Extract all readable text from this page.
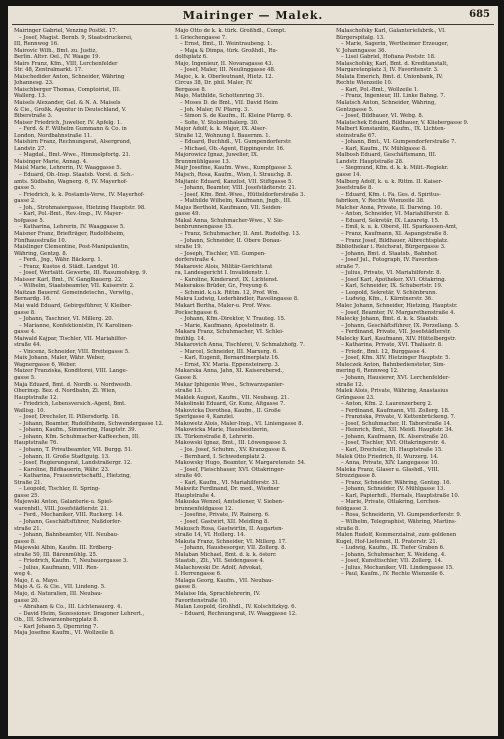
Mairinger — Malek.	685
Mairinger Gabriel, Venzing Postkt. 17.
– Josef, Magist. Bernb. 9, Staatsdruckerei,
III, Rennweg 16.
Mairovic Wilh., Bmt. zu. Justiz,
Berlin. Altvr. Oel., IV. Waage 19.
Mairs Franz, Kfm., VIII, Lerchenfelder
Str. 48, Zentralmarkt. 17.
Maischedider Anton, Schneider, Währing
Johannesg. 23.
Maischberger Thomas, Comptoirist, III.
Wallerg. 13.
Maisels Alexander, Gel. & N. A. Maisels
& Cie., Großk. Agentur in Deutschland, V.
Biberstraße 3.
Maiser Friedrich, Juwelier, IV. Apfelg. 1.
– Ferd. & F. Wilhelm Gummann & Co. in
London, Nordbahnstraße 11.
Maishirn Franz, Rechnungsrat, Alsergrund,
Landstr. 27.
– Magdal., Bmt.-Wwe., Himmelpfortg. 21.
Maisinger Marie, Annag. 4.
Maisl Marie, Lehrerin, IV. Waaggasse 5.
– Eduard, Ob.-Insp. Staatsb. Vorst. d. Sch.-
amts. Südbahn, Wagnerg. 6, IV. Mayerhof-
gasse 5.
– Friedrich, k. k. Postamts-Verw., IV. Mayerhof-
gasse 2.
– Joh., Strohmaiergasse, Hietzing Hauptstr. 98.
– Karl, Pol.-Bmt., Rev.-Insp., IV. Mayer-
hofgasse 5.
– Katharina, Lehrerin, IV. Waaggasse 5.
Maisner Franz, Briefträger, Rudolfsheim,
Fünfhausstraße 10.
Maislinger Clementine, Post-Manipulantin,
Währing, Gentzg. 8.
– Ferd., Jng., Währ. Bäckerg. 1.
– Franz, Kustos d. Städt. Landgut 10.
– Josef, Wertsätt. Gewerbe, III. Rasumofskyg. 9.
Maisser Karl, Bmt., IV. Ganglbauerg. 22.
– Wilhelm, Staatsbeamter, VII. Kaiserstr. 2.
Maitzan Bauernf. Gemeindetechn., Verwltg.,
Bernardg. 16.
Mai wald Eduard, Gebirgsführer, V. Kleiber-
gasse 8.
– Johann, Taschner, VI. Millerg. 20.
– Marianne, Konfektionistin, IV. Karolinen-
gasse 4.
Maiwald Kajpar, Tischler, VII. Mariahilfer-
straße 44.
– Vincenz, Schneider, VIII. Breitegasse 5.
Maix Johann, Maler, Währ. Weber,
Wagnergasse 6, Weber.
Maizer Franziska, Konditorei, VIII. Lange-
gasse 5.
Maja Eduard, Bmt. d. Nordb. u. Nordwestb.
Oberinsp. Bez. d. Nordbahn, Zl. Wien,
Hauptstraße 12.
– Friedrich, Lebensversich.-Agent, Bmt.
Wallisg. 10.
– Josef, Drechsler, II. Pillersdorfg. 18.
– Johann, Beamter, Rudolfsheim, Schwendergasse 12.
– Johann, Kaufm., Simmering, Hauptstr. 39.
– Johann, Kfm. Schuhmacher-Kaffeechen, III.
Hauptstraße 76.
– Johann, T. Privatbeamter, VII. Burgg. 51.
– Johann, II. Große Stadtgutg. 13.
– Josef, Regierungsrat, Landstraßergr. 12.
– Karoline, Bildhauerin, Währ. 23.
– Katharina, Frauenwirtschaftl., Hietzing,
Straße 21.
– Leopold, Tischler, II. Spring-
gasse 25.
Majewski Anton, Galanterie-u. Spiel-
warenhdl., VIII. Josefstädterstr. 21.
– Ferd., Mechaniker, VIII. Ruckerg. 14.
– Johann, Geschäftsführer, Nußdorfer-
straße 21.
– Johann, Bahnbeamter, VII. Neubau-
gasse 8.
Majewski Albin, Kaufm. III. Erdberg-
straße 50, III. Bärenmühlg. 25.
– Friedrich, Kaufm. 7, Neubauergasse 3.
– Julius, Kaufmann, VIII. Ren-
weg 4.
Majo, f. a. Mayo.
Majo A. G. & Cie., VII. Lindeng. 5.
Majo, d. Naturalien, III. Neubau-
gasse 20.
– Abraham & Co., III. Lichtenauerg. 4.
– David Heim, Sezessionsv. Dragoner Lehrert.,
Ob., III. Schwarzenbergplatz 8.
– Karl Johann 5, Opernring 7.
Maja Josefine Kaufm., VI. Wollzeile 8.
Majo Otto de k. k. türk. Großhdl., Compt.
I. Griechengasse 7.
– Ernst, Bmt., II. Weintraubeng. 1.
– Maja & Dimpa, türk. Großhdl., Ru-
dolfsplatz 6.
Majo, Ingenieur, II. Novaragasse 43.
– Josef, Maler, III. Neulinggasse 48.
Majoc, k. k. Oberleutnant, Hietz. 12.
Circus 38, Dr. phil. Maler, IV.
Bergasse 8.
Majo, Mathilde, Schottenring 31.
– Moses D. de Bmt., VII. David Heim
– Joh. Maler, IV. Pfarrg. 3.
– Simon S. de Kaufm., II. Kleine Pfarrg. 6.
– Sofie, V. Stolzenthalerg. 30.
Major Adolf, k. k. Major, IX. Alser-
Straße 12, Wohnung I. Bauernm. 1.
– Eduard, Buchhdl., VI. Gumpendorferstr.
– Michael, Ob.-Agent, Eippingerstr. 16.
Majorowicz Ignaz, Juwelier, IX.
Brunnmühlgasse 13.
Majr Josefine, Kaufm. Wwe., Kumpfgasse 3.
Majsch, Rosa, Kaufm., Wien, I. Strauchg. 8.
Majtanic Eduard, Kanzlist, VII. Stiftgasse 5.
– Johann, Beamter, VIII. Josefstädterstr. 21.
– Josef, Kfm. Bmt.-Wwe., Hütteldorferstraße 3.
– Mathilde Wilhelm, Kaufmann, Jngb., III.
Majus Berthold, Kaufmann, VII. Seiden-
gasse 49.
Makal Anna, Schuhmacher-Wwe., V. Sie-
benbrunnengasse 15.
– Franz, Schuhmacher, II. Amt. Rudolfsg. 13.
– Johann, Schneider, II. Obere Donau-
straße 19.
– Joseph, Tischler, VII. Gumpen-
dorferstraße 4.
Makarovic Alois, Militär-Gerichtsrat
ra, Landesgericht I. Invalidenstr. 1.
– Karoline, Kinderarzt, IX. Lichtenst.
Makerakos Brüder, Gr., Freyung 6.
– Schmid. k.u.k. Rittm. 12, Prof. Wm.
Makra Ludwig, Lederhändler, Ravelingasse 8.
Makart Bertha, Maler-u. Prof. Wwe.
Pockschgasse 6.
– Johann, Kfm.-Direktor, V. Trauteg. 15.
– Marie, Kaufmann, Apostelinstr. 8.
Makara Franz, Schuhmacher, VI. Schlei-
fmühlg. 14.
Makarovich Anna, Tischlerei, V. Schmalzhofg. 7.
– Marcel, Schneider, III. Marxerg. 6.
– Karl, Eugenit, Bernardinerplatz 16.
– Ernst, XV. Maria. Eppensteinerg. 3.
Makarska Anna, Jahn, XI. Kaiserebersd.,
Gasse 8.
Makar Iphigenie Wwe., Schwarzspanier-
straße 13.
Maklek August, Kaufm., VII. Neubaug. 21.
Makolinski Eduard, Gr. Kunz, Altgasse 7.
Makovicka Dorothea, Kaufm., II. Große
Sperlgasse 4, Kanzlei.
Makowetz Alois, Maler-Insp., VI. Liniengasse 8.
Makowicka Marie, Hausbesitzerin,
IX. Türkenstraße 8, Lehrerin.
Makowski Ignaz, Bmt., III. Löwengasse 3.
– Jos. Josef, Schuhm., XV. Kranzgasse 8.
– Bernhard, I. Schwedenplatz 2.
Makowsky Hugo, Beamter, V. Margaretenstr. 54.
– Josef, Fleischhauer, XVI. Ottakringer-
straße 40.
– Karl, Kaufm., VI. Mariahilferstr. 31.
Makwitz Ferdinand, Dr. med., Wiedner
Hauptstraße 4.
Makuska Wenzel, Amtsdiener, V. Sieben-
brunnenfeldgasse 12.
– Josefine, Private, IV. Rainerg. 6.
– Josef, Gastwirt, XII. Meidling 8.
Makusch Rosa, Gastwirtin, II. Augarten-
straße 14, VI. Hollerg. 14.
Makuta Franz, Schneider, VI. Millerg. 17.
– Johann, Hausbesorger, VII. Zollerg. 8.
Malaban Michael, Bmt. d. k. k. österr.
Staatsb., Zlt., VII. Seidengasse 4.
Malachowski Dr. Adolf, Advokat,
I. Herrengasse 6.
Malaga Georg, Kaufm., VII. Neubau-
gasse 8.
Malaise Ida, Sprachlehrerin, IV.
Favoritenstraße 10.
Malan Leopold, Großhdl., IV. Kolschitzkyg. 6.
– Eduard, Rechnungsrat, IV. Waaggasse 12.
Malaschofsky Karl, Galanteriefabrik., VI.
Bürgerspitalg. 13.
– Marie, Sagerin, Wertheimer Erzeuger,
V. Johanngasse 36.
– Lisel Gabriel, Hofiana Poststr. 18.
Malaschofsky, Karl, Bmt. d. Kreditanstalt,
Margaretenplatz 3, IV. Favoritenstr. 3.
Malata Emerich, Bmt. d. Unionbank, IV.
Rechte Wienzeile 10.
– Karl, Pol.-Bmt., Wollzeile 1.
– Franz, Ingenieur, III. Linke Bahng. 7.
Malatsch Anton, Schneider, Währing,
Gentzgasse 5.
– Josef, Bildhauer, VI. Webg. 8.
Malatschek Eduard, Bildhauer, V. Kliebergasse 9.
Malbert Konstantin, Kaufm., IX. Lichten-
steinstraße 67.
– Johann, Bmt., VI. Gumpendorferstraße 7.
– Karl, Kaufm., IV. Mühlgasse 8.
Malbosh Eduard, Geschäftsmann, III.
Landstr. Hauptstraße 28.
– Siegmund, Kfm. d. k. k. Milit.-Regiekr.
gasse 14.
Malburg Adolf, k. u. k. Rittm. II. Kaiser-
Josefstraße 8.
– Eduard, Kfm. i. Fa. Ges. d. Spiritus-
fabriken, V. Rechte Wienzeile 38.
Malcher Anna, Private, II. Darwing. 10.
– Anton, Schneider, VI. Mariahilferstr. 8.
– Eduard, Sekretär, IX. Lazaretg. 15.
– Emil, k. u. k. Oberst, III. Sparkassen-Amt,
– Franz, Kaufmann, XI. Aspangstraße 8.
– Franz Josef, Bildhauer, Albrechtsplatz.
Bibliothekar i. Reichsrat, Bürgergasse 3.
– Johann, Bmt. d. Staatsb., Bahnhof.
– Josef Jul., Fotograph, IV. Favoriten-
straße 7.
– Julius, Private, VI. Mariahilferstr. 8.
– Josef Karl, Apotheker, XVI. Ottakring.
– Karl, Schneider, IX. Schubertstr. 19.
– Leopold, Sekretär, V. Schönbrunn.
– Ludwig, Kfm., I. Kärntnerstr. 36.
Malec Johann, Schneider, Hietzing, Hauptstr.
– Josef, Beamter, IV. Margarethenstraße 4.
Malecky Johann, Bmt. d. k. k. Staatsb.
– Johann, Geschäftsführer, IX. Porzellang. 5.
– Ferdinand, Private, VII. Josefstädterstr.
Malecky Karl, Kaufmann, XIV. Hüttelbergstr.
– Katharina, Private, XVI. Thaliastr. 8.
– Friedr., Bmt. 12, Burggasse 4.
– Josef, Kfm. XIV. Hietzinger Hauptstr. 5.
Maleczek Anton, Bahnbediensteter, Sim-
mering 6, Rennweg 12.
– Johann, Hausierer, XVI. Lerchenfelder-
straße 12.
Malek Alois, Private, Währing, Anastasius
Grüngasse 23.
– Anton, Kfm. 2. Laurenzerberg 2.
– Ferdinand, Kaufmann, VII. Zollerg. 18.
– Franziska, Private, V. Kettenbrückeng. 7.
– Josef, Schuhmacher, II. Taborstraße 14.
– Heinrich, Bmt., XII. Meidl. Hauptstr. 34.
– Johann, Kaufmann, IX. Alserstraße 20.
– Josef, Tischler, XVI. Ottakringerstr. 4.
– Karl, Drechsler, III. Hauptstraße 15.
Malek Otto Friedrich, II. Wurzerg. 14.
– Anna, Private, XIV. Langegasse 10.
Maleka Franz, Glaser u. Glashdl., VIII.
Strozzigasse 8.
– Franz, Schneider, Währing, Gentzg. 16.
– Johann, Schneider, IV. Mühlgasse 13.
– Karl, Papierhdl., Hernals, Hauptstraße 10.
– Marie, Private, Ottakring, Lerchen-
feldgasse 3.
– Rosa, Schneiderin, VI. Gumpendorferstr. 9.
– Wilhelm, Telegraphist, Währing, Martins-
straße 8.
Malen Rudolf, Kommerzialrat, zum goldenen
Kugel, Hof-Lieferant, II. Praterstr. 21.
– Ludwig, Kaufm., IX. Tiefer Graben 6.
– Johann, Schuhmacher, X. Weideng. 4.
– Josef, Kunsttischler, VII. Zollerg. 14.
– Julius, Mechaniker, VII. Lindengasse 15.
– Paul, Kaufm., IV. Rechte Wienzeile 6.
